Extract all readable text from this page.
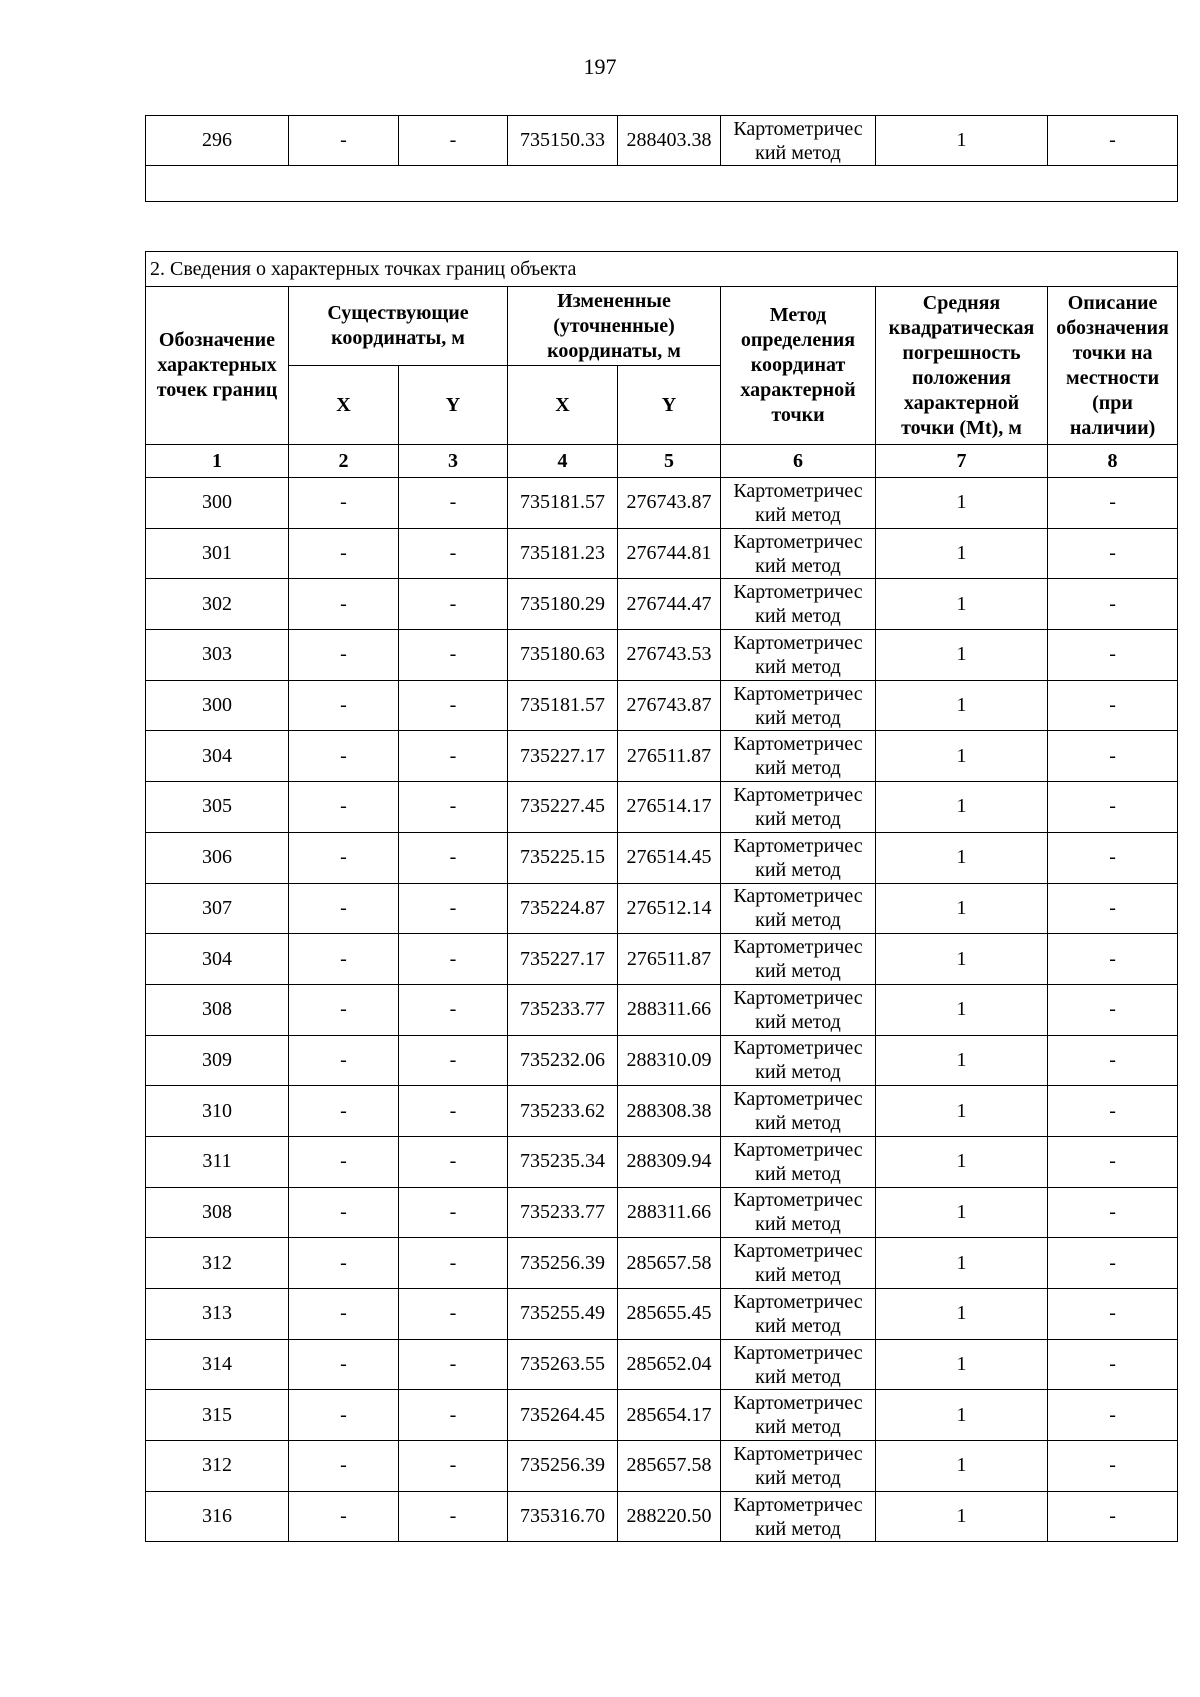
197
296	-	-	735150.33	288403.38	
Картометричес
кий метод
	1	-

2. Сведения о характерных точках границ объекта							
Обозначение характерных точек границ	Существующие координаты, м		Измененные (уточненные) координаты, м		Метод определения координат характерной точки	Средняя квадратическая погрешность положения характерной точки (Mt), м	Описание обозначения точки на местности (при наличии)
	X	Y	X	Y			
1	2	3	4	5	6	7	8
300	-	-	735181.57	276743.87	Картометричес
кий метод	1	-
301	-	-	735181.23	276744.81	Картометричес
кий метод	1	-
302	-	-	735180.29	276744.47	Картометричес
кий метод	1	-
303	-	-	735180.63	276743.53	Картометричес
кий метод	1	-
300	-	-	735181.57	276743.87	Картометричес
кий метод	1	-
304	-	-	735227.17	276511.87	Картометричес
кий метод	1	-
305	-	-	735227.45	276514.17	Картометричес
кий метод	1	-
306	-	-	735225.15	276514.45	Картометричес
кий метод	1	-
307	-	-	735224.87	276512.14	Картометричес
кий метод	1	-
304	-	-	735227.17	276511.87	Картометричес
кий метод	1	-
308	-	-	735233.77	288311.66	Картометричес
кий метод	1	-
309	-	-	735232.06	288310.09	Картометричес
кий метод	1	-
310	-	-	735233.62	288308.38	Картометричес
кий метод	1	-
311	-	-	735235.34	288309.94	Картометричес
кий метод	1	-
308	-	-	735233.77	288311.66	Картометричес
кий метод	1	-
312	-	-	735256.39	285657.58	Картометричес
кий метод	1	-
313	-	-	735255.49	285655.45	Картометричес
кий метод	1	-
314	-	-	735263.55	285652.04	Картометричес
кий метод	1	-
315	-	-	735264.45	285654.17	Картометричес
кий метод	1	-
312	-	-	735256.39	285657.58	Картометричес
кий метод	1	-
316	-	-	735316.70	288220.50	Картометричес
кий метод	1	-
